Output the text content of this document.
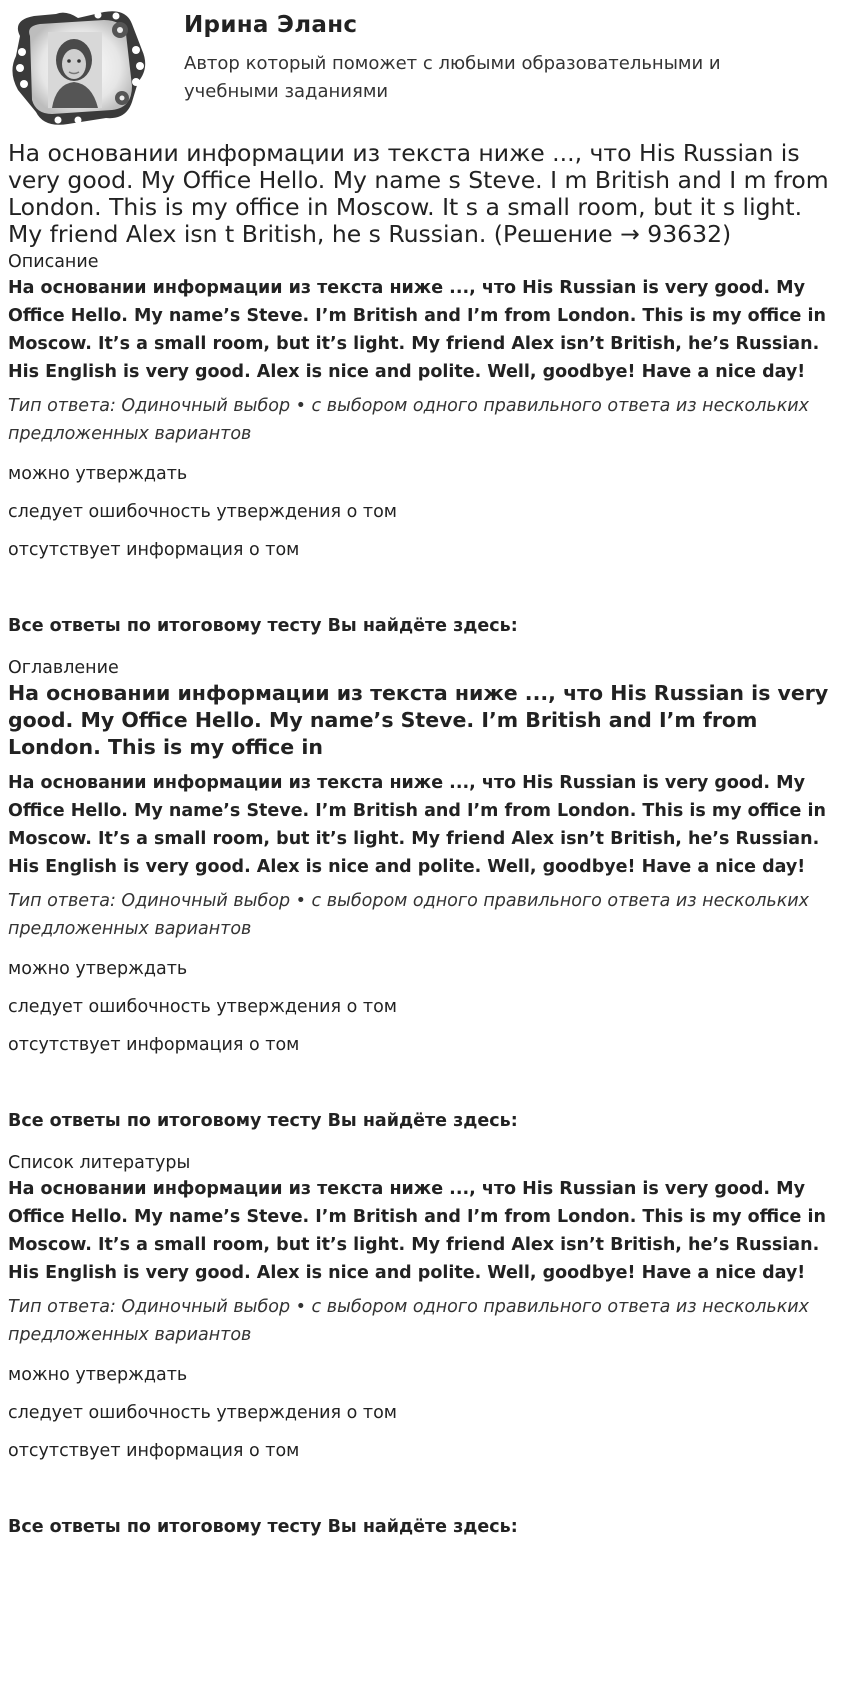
Ирина Эланс
Автор который поможет с любыми образовательными и учебными заданиями
На основании информации из текста ниже ..., что His Russian is very good. My Office Hello. My name s Steve. I m British and I m from London. This is my office in Moscow. It s a small room, but it s light. My friend Alex isn t British, he s Russian. (Решение → 93632)
Описание

На основании информации из текста ниже ..., что His Russian is very good. My Office Hello. My name’s Steve. I’m British and I’m from London. This is my office in Moscow. It’s a small room, but it’s light. My friend Alex isn’t British, he’s Russian. His English is very good. Alex is nice and polite. Well, goodbye! Have a nice day!

Тип ответа: Одиночный выбор • с выбором одного правильного ответа из нескольких предложенных вариантов
можно утверждать
следует ошибочность утверждения о том
отсутствует информация о том
Все ответы по итоговому тесту Вы найдёте здесь:
Оглавление
На основании информации из текста ниже ..., что His Russian is very good. My Office Hello. My name’s Steve. I’m British and I’m from London. This is my office in

На основании информации из текста ниже ..., что His Russian is very good. My Office Hello. My name’s Steve. I’m British and I’m from London. This is my office in Moscow. It’s a small room, but it’s light. My friend Alex isn’t British, he’s Russian. His English is very good. Alex is nice and polite. Well, goodbye! Have a nice day!

Тип ответа: Одиночный выбор • с выбором одного правильного ответа из нескольких предложенных вариантов
можно утверждать
следует ошибочность утверждения о том
отсутствует информация о том
Все ответы по итоговому тесту Вы найдёте здесь:
Список литературы

На основании информации из текста ниже ..., что His Russian is very good. My Office Hello. My name’s Steve. I’m British and I’m from London. This is my office in Moscow. It’s a small room, but it’s light. My friend Alex isn’t British, he’s Russian. His English is very good. Alex is nice and polite. Well, goodbye! Have a nice day!

Тип ответа: Одиночный выбор • с выбором одного правильного ответа из нескольких предложенных вариантов
можно утверждать
следует ошибочность утверждения о том
отсутствует информация о том
Все ответы по итоговому тесту Вы найдёте здесь:
